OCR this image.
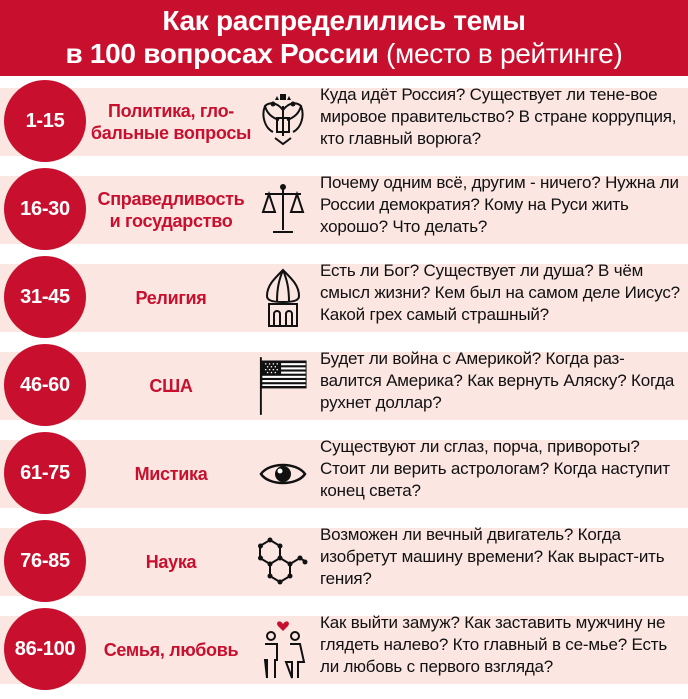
Как распределились темы
в 100 вопросах России (место в рейтинге)
1-15	Политика, гло-бальные вопросы
Куда идёт Россия? Существует ли тене-вое мировое правительство? В стране коррупция, кто главный ворюга?
16-30	Справедливость и государство
Почему одним всё, другим - ничего? Нужна ли России демократия? Кому на Руси жить хорошо? Что делать?
31-45	Религия
Есть ли Бог? Существует ли душа? В чём смысл жизни? Кем был на самом деле Иисус? Какой грех самый страшный?
46-60	США
Будет ли война с Америкой? Когда раз-валится Америка? Как вернуть Аляску? Когда рухнет доллар?
61-75	Мистика
Существуют ли сглаз, порча, привороты? Стоит ли верить астрологам? Когда наступит конец света?
76-85	Наука
Возможен ли вечный двигатель? Когда изобретут машину времени? Как выраст-ить гения?
86-100	Семья, любовь
Как выйти замуж? Как заставить мужчину не глядеть налево? Кто главный в се-мье? Есть ли любовь с первого взгляда?
